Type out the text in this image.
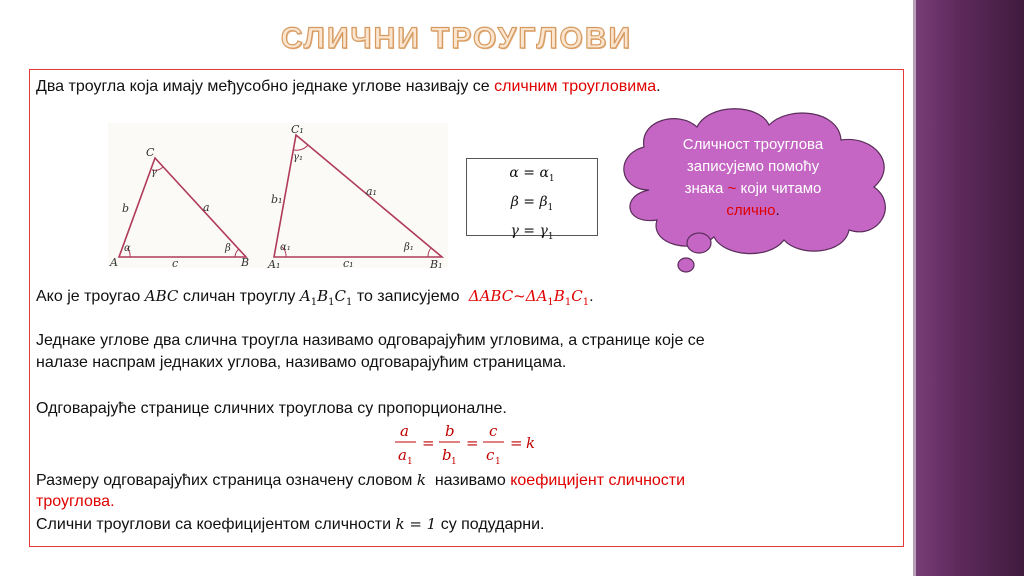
СЛИЧНИ ТРОУГЛОВИ
Два троугла која имају међусобно једнаке углове називају се сличним троугловима.
A	B
C
a
b
c
α	β
γ
A₁	B₁
C₁
a₁
b₁
c₁
α₁	β₁
γ₁
$\alpha = \alpha_1$
$\beta = \beta_1$
$\gamma = \gamma_1$
Сличност троуглова
записујемо помоћу
знака ~ који читамо
слично.
Ако је троугао ABC сличан троуглу $A_1B_1C_1$ то записујемо $\Delta ABC\sim\Delta A_1B_1C_1$.
Једнаке углове два слична троугла називамо одговарајућим угловима, а странице које се
налазе наспрам једнаких углова, називамо одговарајућим страницама.
Одговарајуће странице сличних троуглова су пропорционалне.
a
a 1
=
b
b 1
=
c
c 1
= k
Размеру одговарајућих страница означену словом k називамо коефицијент сличности
троуглова.
Слични троуглови са коефицијентом сличности k = 1 су подударни.
